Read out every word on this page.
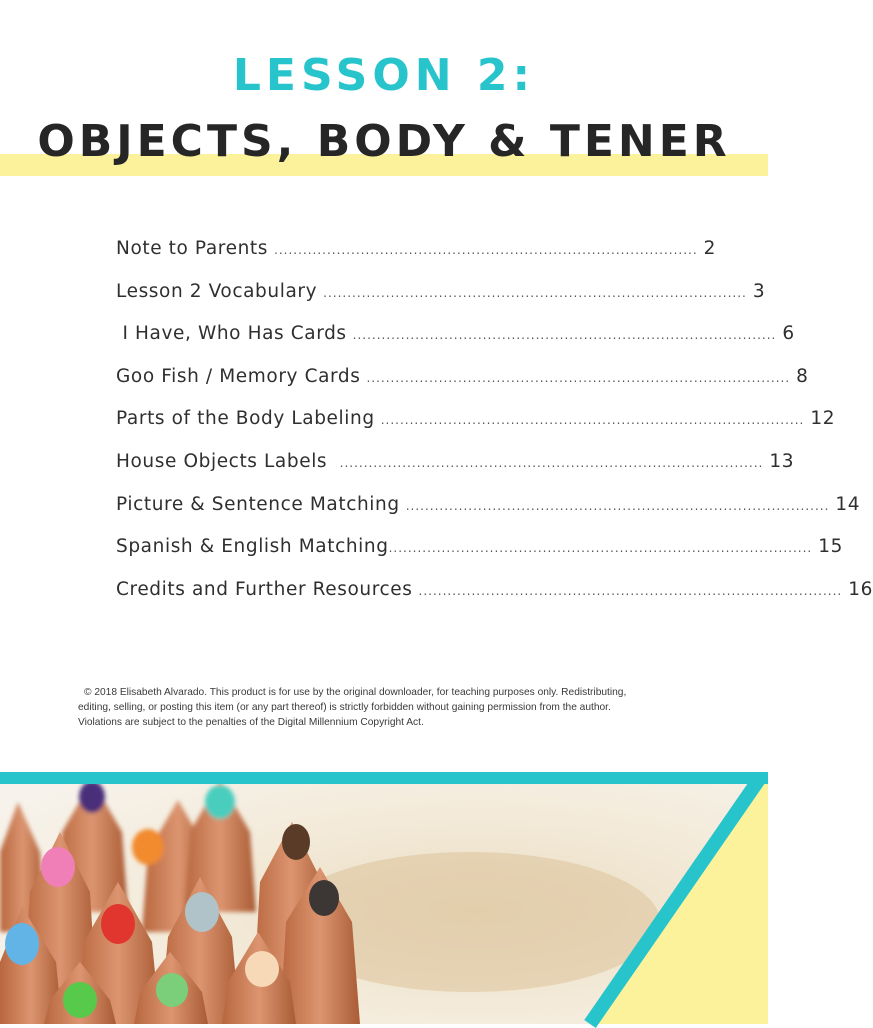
LESSON 2:
OBJECTS, BODY & TENER
Note to Parents ........................................................................................ 2
Lesson 2 Vocabulary ........................................................................................ 3
I Have, Who Has Cards ........................................................................................ 6
Goo Fish / Memory Cards ........................................................................................ 8
Parts of the Body Labeling ........................................................................................ 12
House Objects Labels ........................................................................................ 13
Picture & Sentence Matching ........................................................................................ 14
Spanish & English Matching ........................................................................................ 15
Credits and Further Resources ........................................................................................ 16
© 2018 Elisabeth Alvarado. This product is for use by the original downloader, for teaching purposes only. Redistributing,
editing, selling, or posting this item (or any part thereof) is strictly forbidden without gaining permission from the author.
Violations are subject to the penalties of the Digital Millennium Copyright Act.
